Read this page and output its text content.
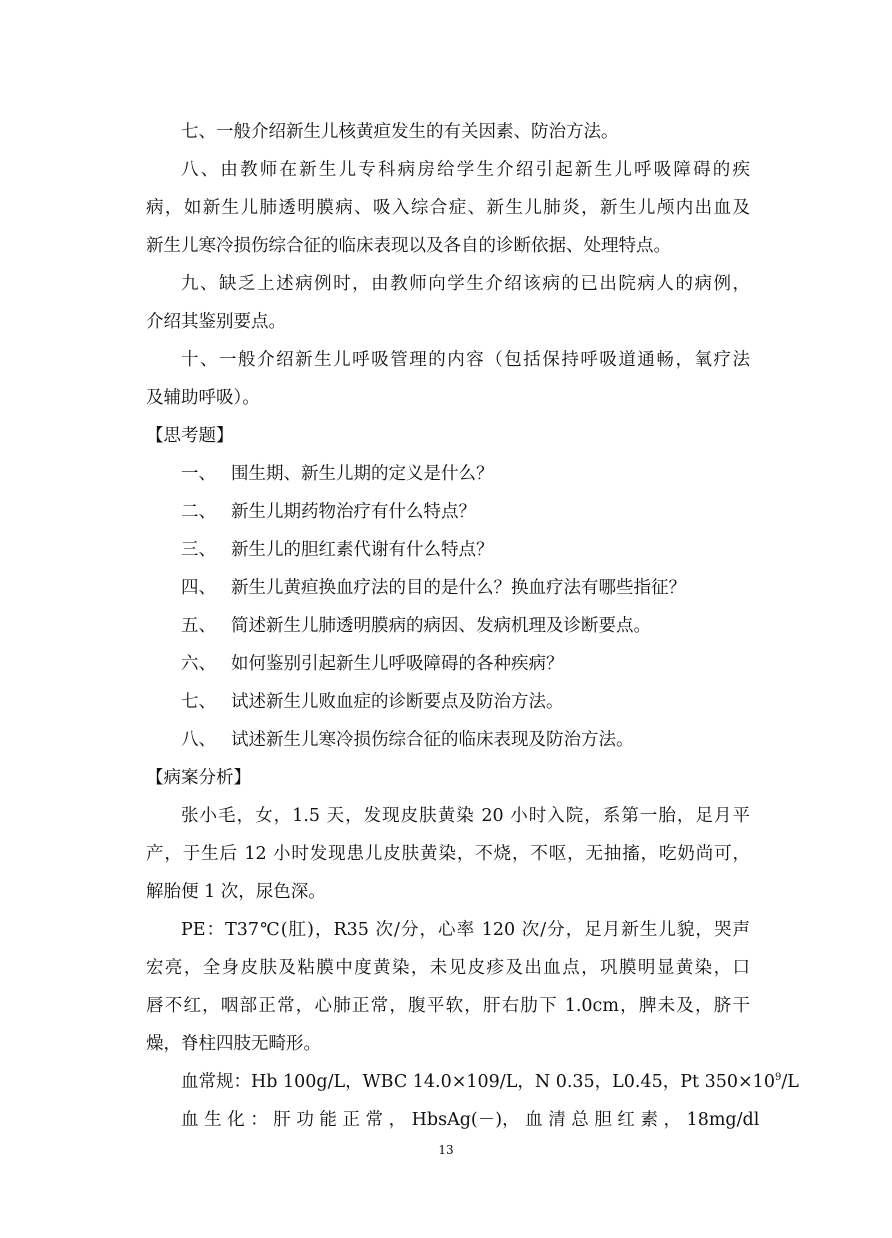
七、一般介绍新生儿核黄疸发生的有关因素、防治方法。
八、由教师在新生儿专科病房给学生介绍引起新生儿呼吸障碍的疾
病，如新生儿肺透明膜病、吸入综合症、新生儿肺炎，新生儿颅内出血及
新生儿寒冷损伤综合征的临床表现以及各自的诊断依据、处理特点。
九、缺乏上述病例时，由教师向学生介绍该病的已出院病人的病例，
介绍其鉴别要点。
十、一般介绍新生儿呼吸管理的内容（包括保持呼吸道通畅，氧疗法
及辅助呼吸）。
【思考题】
一、 围生期、新生儿期的定义是什么？
二、 新生儿期药物治疗有什么特点？
三、 新生儿的胆红素代谢有什么特点？
四、 新生儿黄疸换血疗法的目的是什么？换血疗法有哪些指征？
五、 简述新生儿肺透明膜病的病因、发病机理及诊断要点。
六、 如何鉴别引起新生儿呼吸障碍的各种疾病？
七、 试述新生儿败血症的诊断要点及防治方法。
八、 试述新生儿寒冷损伤综合征的临床表现及防治方法。
【病案分析】
张小毛，女，1.5 天，发现皮肤黄染 20 小时入院，系第一胎，足月平
产，于生后 12 小时发现患儿皮肤黄染，不烧，不呕，无抽搐，吃奶尚可，
解胎便 1 次，尿色深。
PE：T37℃(肛)，R35 次/分，心率 120 次/分，足月新生儿貌，哭声
宏亮，全身皮肤及粘膜中度黄染，未见皮疹及出血点，巩膜明显黄染，口
唇不红，咽部正常，心肺正常，腹平软，肝右肋下 1.0cm，脾未及，脐干
燥，脊柱四肢无畸形。
血常规：Hb 100g/L，WBC 14.0×109/L，N 0.35，L0.45，Pt $350\times 10^9/L$
血 生 化 ： 肝 功 能 正 常 ， HbsAg(－)， 血 清 总 胆 红 素 ， 18mg/dl
13
